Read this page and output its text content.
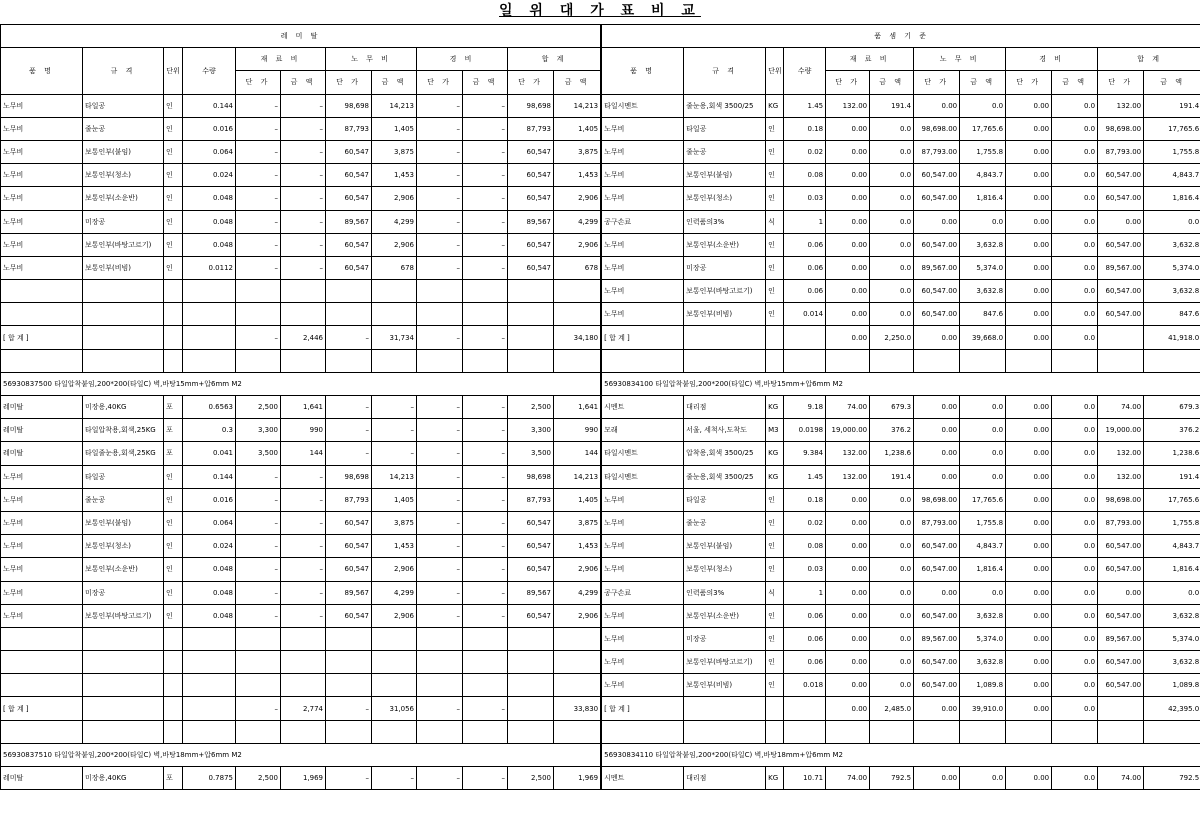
일 위 대 가 표 비 교
레 미 탈											
품 명	규 격	단위	수량	재 료 비		노 무 비		경 비		합 계	
				단 가	금 액	단 가	금 액	단 가	금 액	단 가	금 액
노무비	타일공	인	0.144	–	–	98,698	14,213	–	–	98,698	14,213
노무비	줄눈공	인	0.016	–	–	87,793	1,405	–	–	87,793	1,405
노무비	보통인부(붙임)	인	0.064	–	–	60,547	3,875	–	–	60,547	3,875
노무비	보통인부(청소)	인	0.024	–	–	60,547	1,453	–	–	60,547	1,453
노무비	보통인부(소운반)	인	0.048	–	–	60,547	2,906	–	–	60,547	2,906
노무비	미장공	인	0.048	–	–	89,567	4,299	–	–	89,567	4,299
노무비	보통인부(바탕고르기)	인	0.048	–	–	60,547	2,906	–	–	60,547	2,906
노무비	보통인부(비빔)	인	0.0112	–	–	60,547	678	–	–	60,547	678

[ 합 계 ]				–	2,446	–	31,734	–	–		34,180

56930837500 타일압착붙임,200*200(타일C) 벽,바탕15mm+압6mm M2											
레미탈	미장용,40KG	포	0.6563	2,500	1,641	–	–	–	–	2,500	1,641
레미탈	타일압착용,회색,25KG	포	0.3	3,300	990	–	–	–	–	3,300	990
레미탈	타일줄눈용,회색,25KG	포	0.041	3,500	144	–	–	–	–	3,500	144
노무비	타일공	인	0.144	–	–	98,698	14,213	–	–	98,698	14,213
노무비	줄눈공	인	0.016	–	–	87,793	1,405	–	–	87,793	1,405
노무비	보통인부(붙임)	인	0.064	–	–	60,547	3,875	–	–	60,547	3,875
노무비	보통인부(청소)	인	0.024	–	–	60,547	1,453	–	–	60,547	1,453
노무비	보통인부(소운반)	인	0.048	–	–	60,547	2,906	–	–	60,547	2,906
노무비	미장공	인	0.048	–	–	89,567	4,299	–	–	89,567	4,299
노무비	보통인부(바탕고르기)	인	0.048	–	–	60,547	2,906	–	–	60,547	2,906

[ 합 계 ]				–	2,774	–	31,056	–	–		33,830

56930837510 타일압착붙임,200*200(타일C) 벽,바탕18mm+압6mm M2											
레미탈	미장용,40KG	포	0.7875	2,500	1,969	–	–	–	–	2,500	1,969
품 셈 기 준											
품 명	규 격	단위	수량	재 료 비		노 무 비		경 비		합 계	
				단 가	금 액	단 가	금 액	단 가	금 액	단 가	금 액
타일시멘트	줄눈용,회색 3500/25	KG	1.45	132.00	191.4	0.00	0.0	0.00	0.0	132.00	191.4
노무비	타일공	인	0.18	0.00	0.0	98,698.00	17,765.6	0.00	0.0	98,698.00	17,765.6
노무비	줄눈공	인	0.02	0.00	0.0	87,793.00	1,755.8	0.00	0.0	87,793.00	1,755.8
노무비	보통인부(붙임)	인	0.08	0.00	0.0	60,547.00	4,843.7	0.00	0.0	60,547.00	4,843.7
노무비	보통인부(청소)	인	0.03	0.00	0.0	60,547.00	1,816.4	0.00	0.0	60,547.00	1,816.4
공구손료	인력품의3%	식	1	0.00	0.0	0.00	0.0	0.00	0.0	0.00	0.0
노무비	보통인부(소운반)	인	0.06	0.00	0.0	60,547.00	3,632.8	0.00	0.0	60,547.00	3,632.8
노무비	미장공	인	0.06	0.00	0.0	89,567.00	5,374.0	0.00	0.0	89,567.00	5,374.0
노무비	보통인부(바탕고르기)	인	0.06	0.00	0.0	60,547.00	3,632.8	0.00	0.0	60,547.00	3,632.8
노무비	보통인부(비빔)	인	0.014	0.00	0.0	60,547.00	847.6	0.00	0.0	60,547.00	847.6
[ 합 계 ]				0.00	2,250.0	0.00	39,668.0	0.00	0.0		41,918.0

56930834100 타일압착붙임,200*200(타일C) 벽,바탕15mm+압6mm M2											
시멘트	대리점	KG	9.18	74.00	679.3	0.00	0.0	0.00	0.0	74.00	679.3
모래	서울, 세척사,도착도	M3	0.0198	19,000.00	376.2	0.00	0.0	0.00	0.0	19,000.00	376.2
타일시멘트	압착용,회색 3500/25	KG	9.384	132.00	1,238.6	0.00	0.0	0.00	0.0	132.00	1,238.6
타일시멘트	줄눈용,회색 3500/25	KG	1.45	132.00	191.4	0.00	0.0	0.00	0.0	132.00	191.4
노무비	타일공	인	0.18	0.00	0.0	98,698.00	17,765.6	0.00	0.0	98,698.00	17,765.6
노무비	줄눈공	인	0.02	0.00	0.0	87,793.00	1,755.8	0.00	0.0	87,793.00	1,755.8
노무비	보통인부(붙임)	인	0.08	0.00	0.0	60,547.00	4,843.7	0.00	0.0	60,547.00	4,843.7
노무비	보통인부(청소)	인	0.03	0.00	0.0	60,547.00	1,816.4	0.00	0.0	60,547.00	1,816.4
공구손료	인력품의3%	식	1	0.00	0.0	0.00	0.0	0.00	0.0	0.00	0.0
노무비	보통인부(소운반)	인	0.06	0.00	0.0	60,547.00	3,632.8	0.00	0.0	60,547.00	3,632.8
노무비	미장공	인	0.06	0.00	0.0	89,567.00	5,374.0	0.00	0.0	89,567.00	5,374.0
노무비	보통인부(바탕고르기)	인	0.06	0.00	0.0	60,547.00	3,632.8	0.00	0.0	60,547.00	3,632.8
노무비	보통인부(비빔)	인	0.018	0.00	0.0	60,547.00	1,089.8	0.00	0.0	60,547.00	1,089.8
[ 합 계 ]				0.00	2,485.0	0.00	39,910.0	0.00	0.0		42,395.0

56930834110 타일압착붙임,200*200(타일C) 벽,바탕18mm+압6mm M2											
시멘트	대리점	KG	10.71	74.00	792.5	0.00	0.0	0.00	0.0	74.00	792.5
